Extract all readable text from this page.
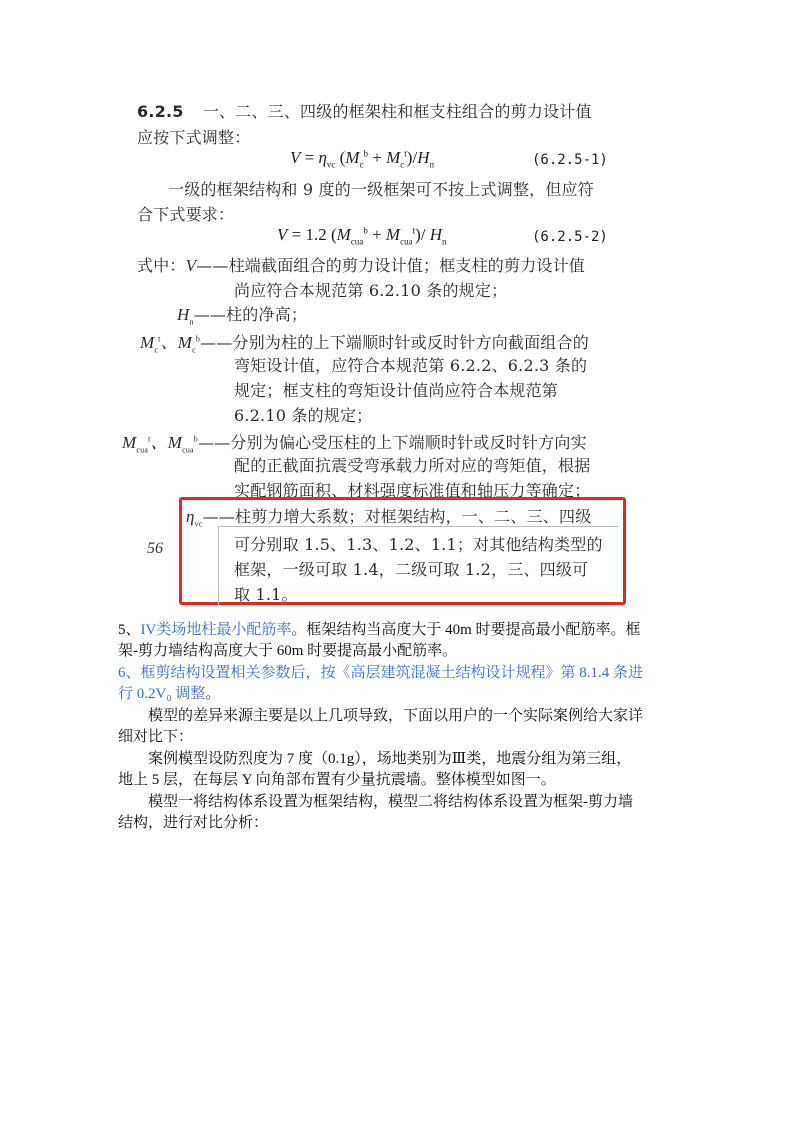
6.2.5 一、二、三、四级的框架柱和框支柱组合的剪力设计值
应按下式调整：
$V = \eta_{vc}$ $(M_c^b + M_c^t)/H_n$	(6.2.5-1)
一级的框架结构和 9 度的一级框架可不按上式调整，但应符
合下式要求：
V = 1.2 $(M_{cua}^b + M_{cua}^t)/$ $H_n$	(6.2.5-2)
式中：V——柱端截面组合的剪力设计值；框支柱的剪力设计值
尚应符合本规范第 6.2.10 条的规定；
$H_n——$柱的净高；
$M_c^t$、$M_c^b——$分别为柱的上下端顺时针或反时针方向截面组合的
弯矩设计值，应符合本规范第 6.2.2、6.2.3 条的
规定；框支柱的弯矩设计值尚应符合本规范第
6.2.10 条的规定；
$M_{cua}^t$、$M_{cua}^b——$分别为偏心受压柱的上下端顺时针或反时针方向实
配的正截面抗震受弯承载力所对应的弯矩值，根据
实配钢筋面积、材料强度标准值和轴压力等确定；
$\eta_{vc}——$柱剪力增大系数；对框架结构，一、二、三、四级
可分别取 1.5、1.3、1.2、1.1；对其他结构类型的
框架，一级可取 1.4，二级可取 1.2，三、四级可
取 1.1。
56
5、IV类场地柱最小配筋率。框架结构当高度大于 40m 时要提高最小配筋率。框
架-剪力墙结构高度大于 60m 时要提高最小配筋率。
6、框剪结构设置相关参数后，按《高层建筑混凝土结构设计规程》第 8.1.4 条进
行 0.2V₀ 调整。
模型的差异来源主要是以上几项导致，下面以用户的一个实际案例给大家详
细对比下：
案例模型设防烈度为 7 度（0.1g），场地类别为Ⅲ类，地震分组为第三组，
地上 5 层，在每层 Y 向角部布置有少量抗震墙。整体模型如图一。
模型一将结构体系设置为框架结构，模型二将结构体系设置为框架-剪力墙
结构，进行对比分析：
